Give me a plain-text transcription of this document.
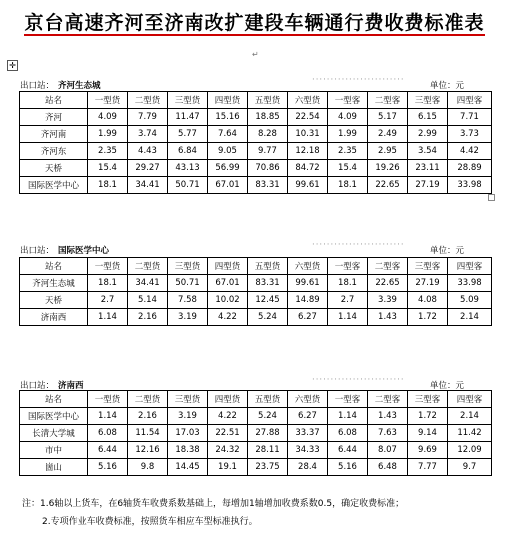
京台高速齐河至济南改扩建段车辆通行费收费标准表
↵
✛
出口站： 齐河生态城
·························
单位：元
站名	一型货	二型货	三型货	四型货	五型货	六型货	一型客	二型客	三型客	四型客
齐河	4.09	7.79	11.47	15.16	18.85	22.54	4.09	5.17	6.15	7.71
齐河南	1.99	3.74	5.77	7.64	8.28	10.31	1.99	2.49	2.99	3.73
齐河东	2.35	4.43	6.84	9.05	9.77	12.18	2.35	2.95	3.54	4.42
天桥	15.4	29.27	43.13	56.99	70.86	84.72	15.4	19.26	23.11	28.89
国际医学中心	18.1	34.41	50.71	67.01	83.31	99.61	18.1	22.65	27.19	33.98
出口站： 国际医学中心
·························
单位：元
站名	一型货	二型货	三型货	四型货	五型货	六型货	一型客	二型客	三型客	四型客
齐河生态城	18.1	34.41	50.71	67.01	83.31	99.61	18.1	22.65	27.19	33.98
天桥	2.7	5.14	7.58	10.02	12.45	14.89	2.7	3.39	4.08	5.09
济南西	1.14	2.16	3.19	4.22	5.24	6.27	1.14	1.43	1.72	2.14
出口站： 济南西
·························
单位：元
站名	一型货	二型货	三型货	四型货	五型货	六型货	一型客	二型客	三型客	四型客
国际医学中心	1.14	2.16	3.19	4.22	5.24	6.27	1.14	1.43	1.72	2.14
长清大学城	6.08	11.54	17.03	22.51	27.88	33.37	6.08	7.63	9.14	11.42
市中	6.44	12.16	18.38	24.32	28.11	34.33	6.44	8.07	9.69	12.09
崮山	5.16	9.8	14.45	19.1	23.75	28.4	5.16	6.48	7.77	9.7
注：1.6轴以上货车，在6轴货车收费系数基础上，每增加1轴增加收费系数0.5，确定收费标准；
2.专项作业车收费标准，按照货车相应车型标准执行。
